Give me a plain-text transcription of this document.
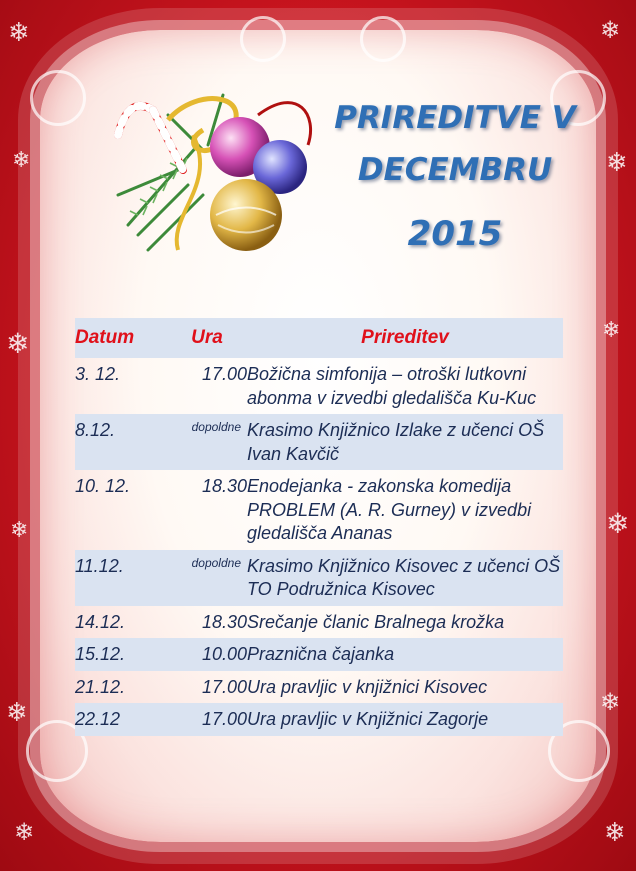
❄
❄
❄
❄
❄
❄
❄
❄
❄
❄
❄
❄
PRIREDITVE V
DECEMBRU
2015
Datum	Ura	Prireditev
3. 12.	17.00	Božična simfonija – otroški lutkovni abonma v izvedbi gledališča Ku-Kuc
8.12.	dopoldne	Krasimo Knjižnico Izlake z učenci OŠ Ivan Kavčič
10. 12.	18.30	Enodejanka - zakonska komedija PROBLEM (A. R. Gurney) v izvedbi gledališča Ananas
11.12.	dopoldne	Krasimo Knjižnico Kisovec z učenci OŠ TO Podružnica Kisovec
14.12.	18.30	Srečanje članic Bralnega krožka
15.12.	10.00	Praznična čajanka
21.12.	17.00	Ura pravljic v knjižnici Kisovec
22.12	17.00	Ura pravljic v Knjižnici Zagorje
